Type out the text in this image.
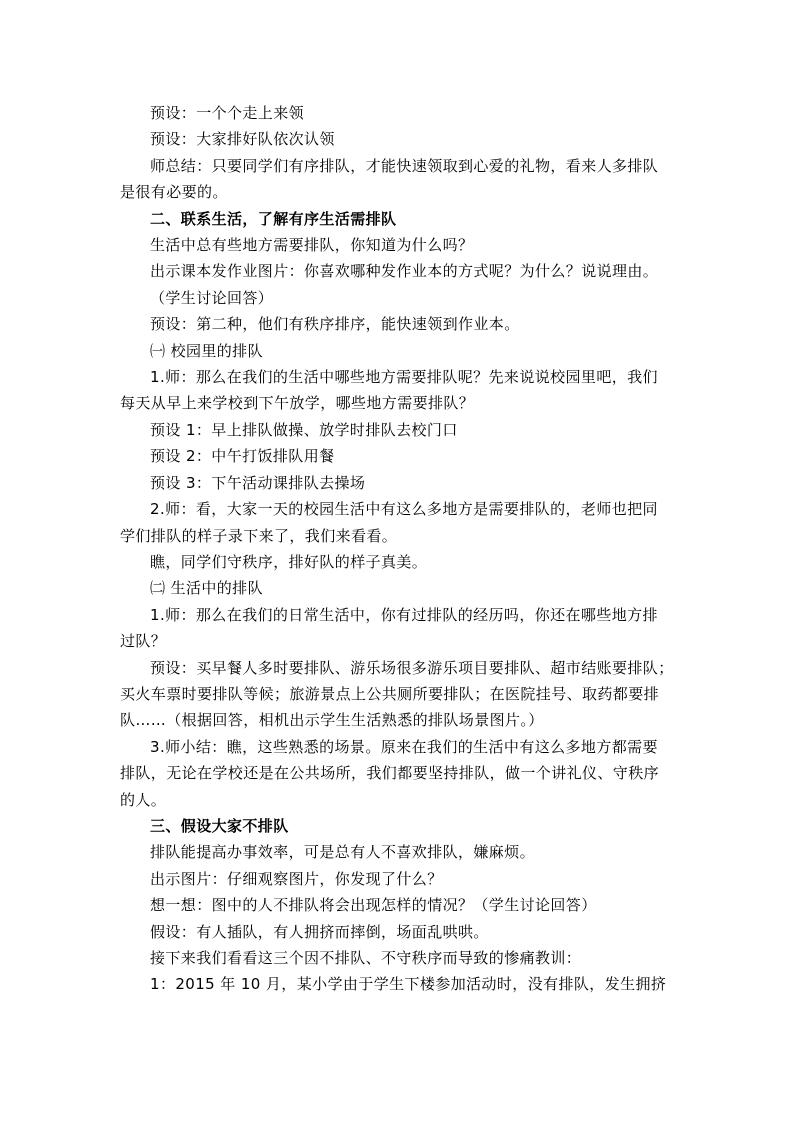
预设：一个个走上来领
预设：大家排好队依次认领
师总结：只要同学们有序排队，才能快速领取到心爱的礼物，看来人多排队
是很有必要的。
二、联系生活，了解有序生活需排队
生活中总有些地方需要排队，你知道为什么吗？
出示课本发作业图片：你喜欢哪种发作业本的方式呢？为什么？说说理由。
（学生讨论回答）
预设：第二种，他们有秩序排序，能快速领到作业本。
㈠ 校园里的排队
1.师：那么在我们的生活中哪些地方需要排队呢？先来说说校园里吧，我们
每天从早上来学校到下午放学，哪些地方需要排队？
预设 1：早上排队做操、放学时排队去校门口
预设 2：中午打饭排队用餐
预设 3：下午活动课排队去操场
2.师：看，大家一天的校园生活中有这么多地方是需要排队的，老师也把同
学们排队的样子录下来了，我们来看看。
瞧，同学们守秩序，排好队的样子真美。
㈡ 生活中的排队
1.师：那么在我们的日常生活中，你有过排队的经历吗，你还在哪些地方排
过队？
预设：买早餐人多时要排队、游乐场很多游乐项目要排队、超市结账要排队；
买火车票时要排队等候；旅游景点上公共厕所要排队；在医院挂号、取药都要排
队……（根据回答，相机出示学生生活熟悉的排队场景图片。）
3.师小结：瞧，这些熟悉的场景。原来在我们的生活中有这么多地方都需要
排队，无论在学校还是在公共场所，我们都要坚持排队，做一个讲礼仪、守秩序
的人。
三、假设大家不排队
排队能提高办事效率，可是总有人不喜欢排队，嫌麻烦。
出示图片：仔细观察图片，你发现了什么？
想一想：图中的人不排队将会出现怎样的情况？（学生讨论回答）
假设：有人插队，有人拥挤而摔倒，场面乱哄哄。
接下来我们看看这三个因不排队、不守秩序而导致的惨痛教训：
1：2015 年 10 月，某小学由于学生下楼参加活动时，没有排队，发生拥挤
